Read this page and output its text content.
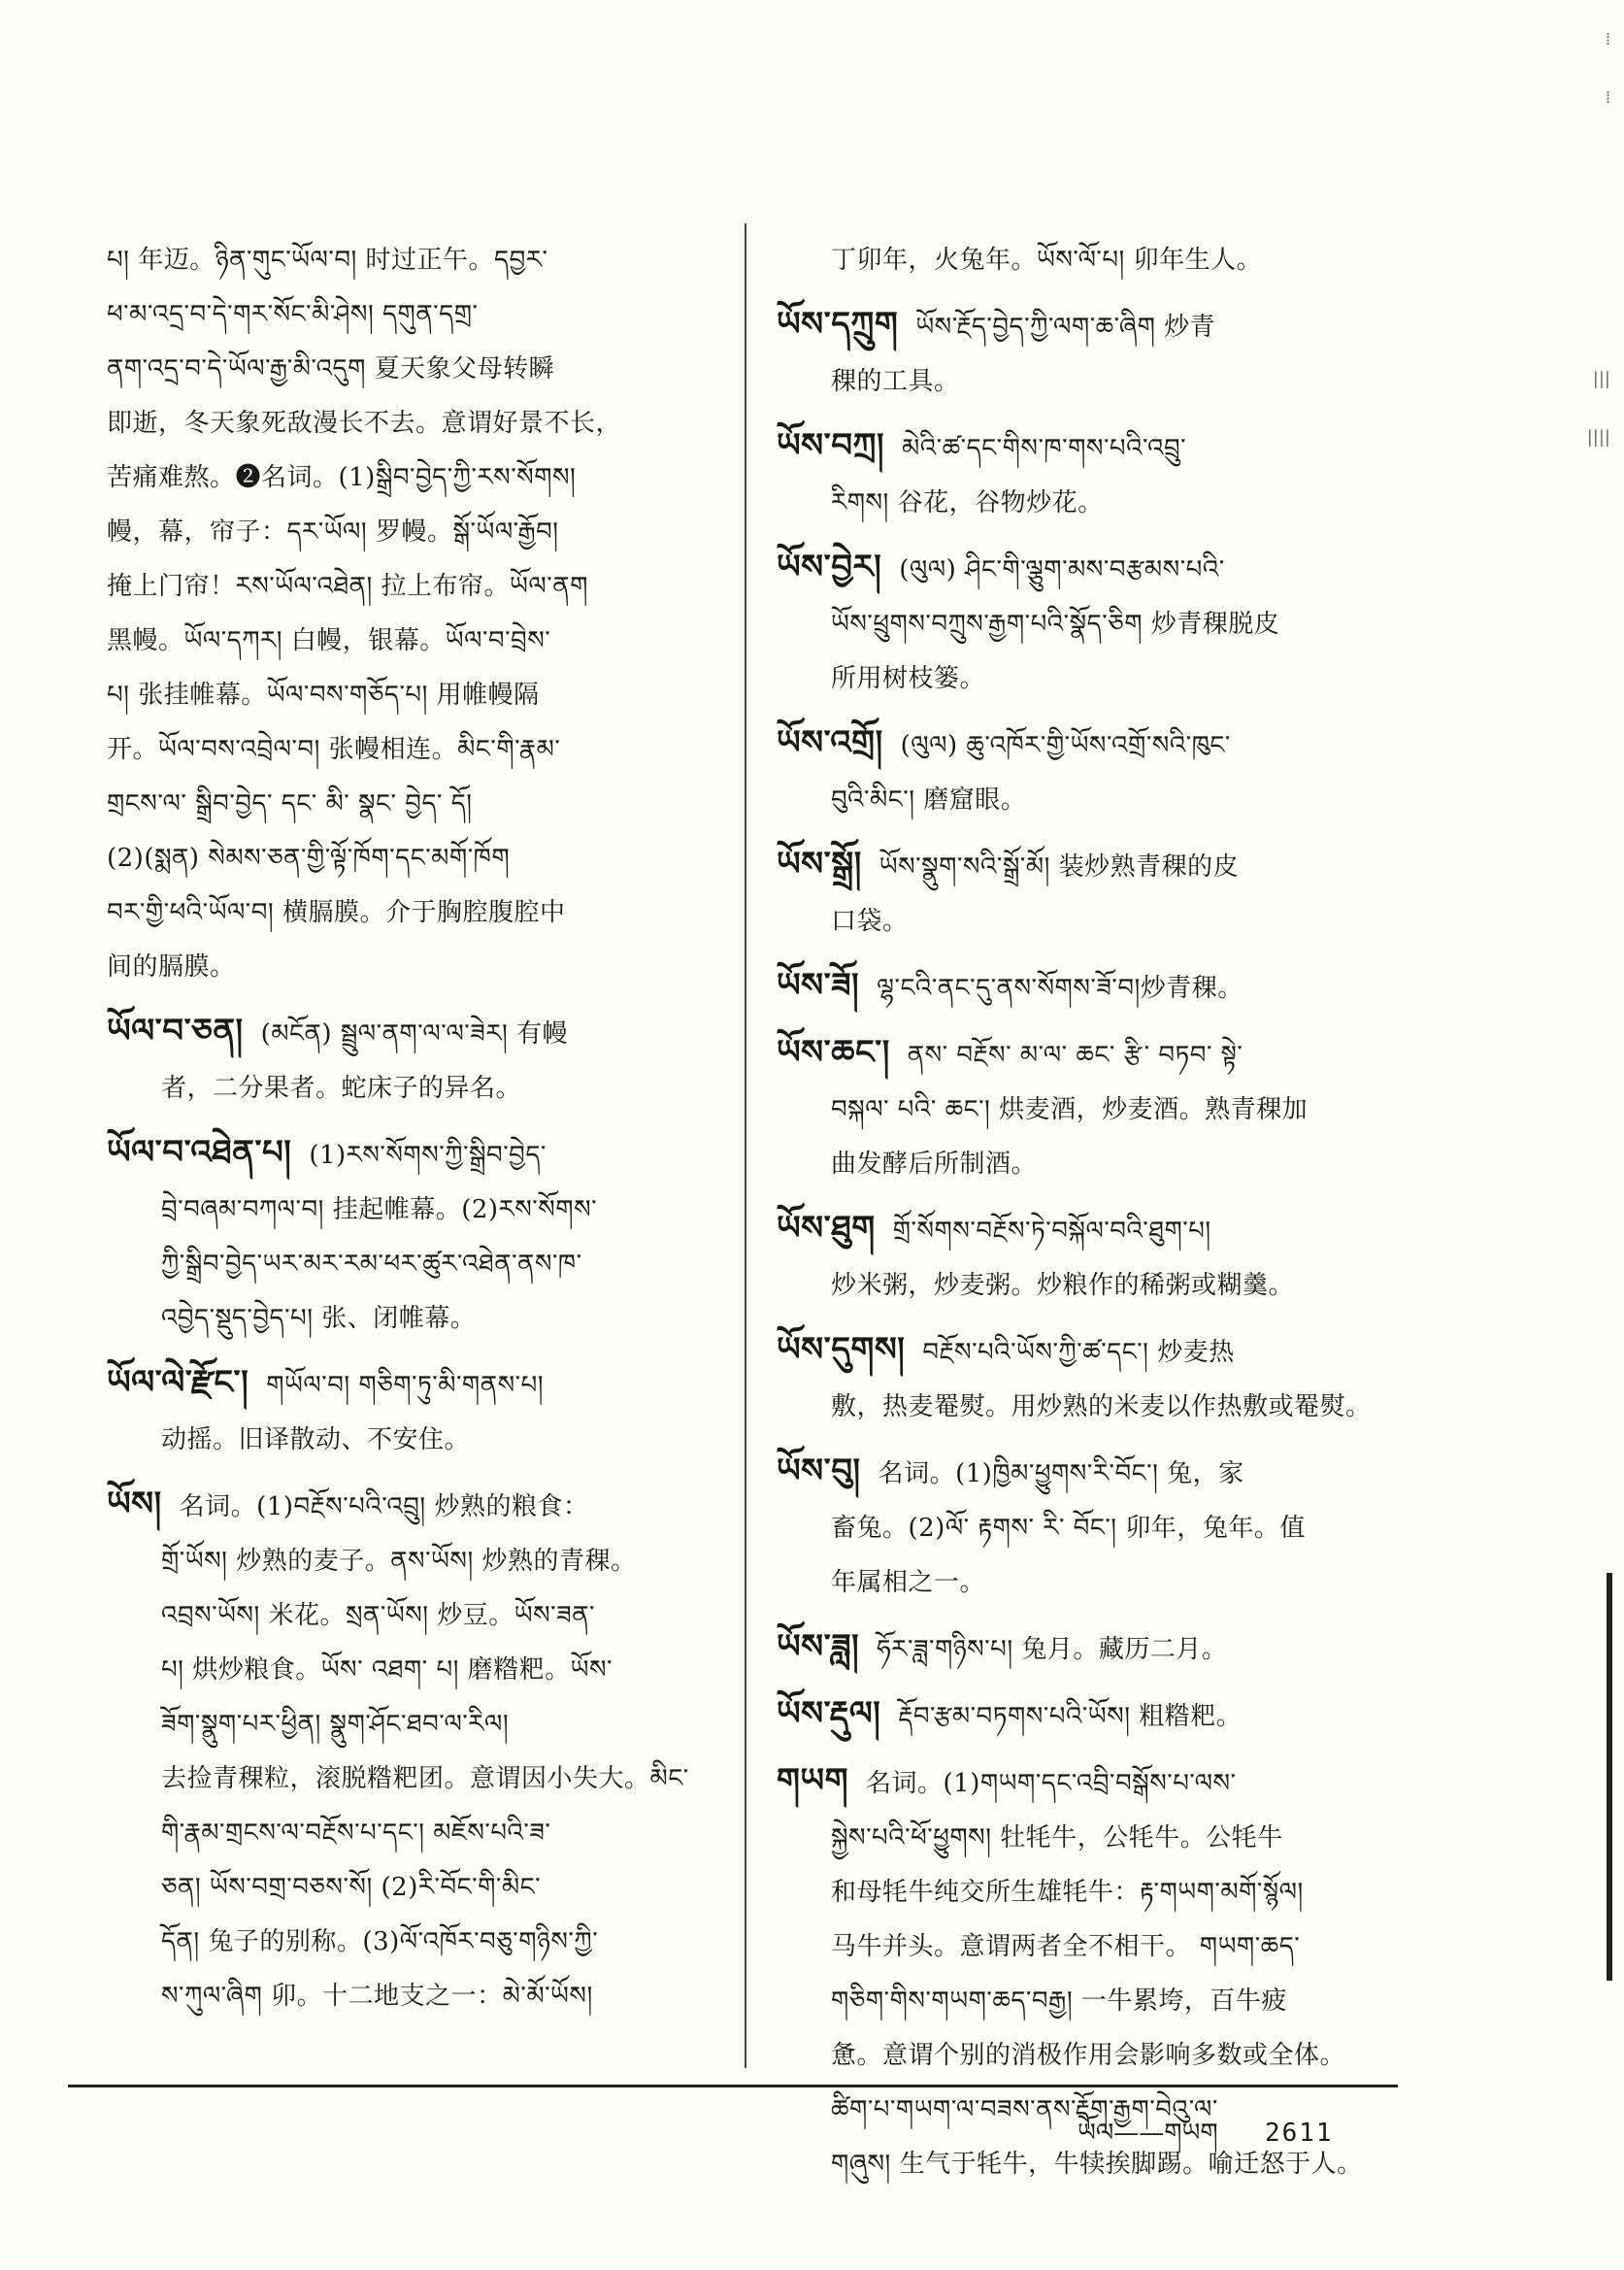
པ། 年迈。ཉིན་གུང་ཡོལ་བ། 时过正午。དབྱར་
ཕ་མ་འདྲ་བ་དེ་གར་སོང་མི་ཤེས། དགུན་དགྲ་
ནག་འདྲ་བ་དེ་ཡོལ་རྒྱ་མི་འདུག 夏天象父母转瞬
即逝，冬天象死敌漫长不去。意谓好景不长，
苦痛难熬。❷名词。(1)སྒྲིབ་བྱེད་ཀྱི་རས་སོགས།
幔，幕，帘子：དར་ཡོལ། 罗幔。སྒོ་ཡོལ་རྒྱོབ།
掩上门帘！རས་ཡོལ་འཐེན། 拉上布帘。ཡོལ་ནག
黑幔。ཡོལ་དཀར། 白幔，银幕。ཡོལ་བ་བྲེས་
པ། 张挂帷幕。ཡོལ་བས་གཅོད་པ། 用帷幔隔
开。ཡོལ་བས་འབྲེལ་བ། 张幔相连。མིང་གི་རྣམ་
གྲངས་ལ་ སྒྲིབ་བྱེད་ དང་ མི་ སྣང་ བྱེད་ དོ།
(2)(སྨན) སེམས་ཅན་གྱི་ལྟོ་ཁོག་དང་མགོ་ཁོག
བར་གྱི་ཕའི་ཡོལ་བ། 横膈膜。介于胸腔腹腔中
间的膈膜。
ཡོལ་བ་ཅན། (མངོན) སྦྲུལ་ནག་ལ་ལ་ཟེར། 有幔
者，二分果者。蛇床子的异名。
ཡོལ་བ་འཐེན་པ། (1)རས་སོགས་ཀྱི་སྒྲིབ་བྱེད་
བྲེ་བཞམ་བཀལ་བ། 挂起帷幕。(2)རས་སོགས་
ཀྱི་སྒྲིབ་བྱེད་ཡར་མར་རམ་ཕར་ཚུར་འཐེན་ནས་ཁ་
འབྱེད་སྡུད་བྱེད་པ། 张、闭帷幕。
ཡོལ་ལེ་རྫོང་། གཡོལ་བ། གཅིག་ཏུ་མི་གནས་པ།
动摇。旧译散动、不安住。
ཡོས། 名词。(1)བརྔོས་པའི་འབྲུ། 炒熟的粮食：
གྲོ་ཡོས། 炒熟的麦子。ནས་ཡོས། 炒熟的青稞。
འབྲས་ཡོས། 米花。སྲན་ཡོས། 炒豆。ཡོས་ཟན་
པ། 烘炒粮食。ཡོས་ འཐག་ པ། 磨糌粑。ཡོས་
ཟོག་སྣུག་པར་ཕྱིན། སྣུག་ཤོང་ཐབ་ལ་རིལ།
去捡青稞粒，滚脱糌粑团。意谓因小失大。མིང་
གི་རྣམ་གྲངས་ལ་བརྔོས་པ་དང་། མཇོས་པའི་ཟ་
ཅན། ཡོས་བགྲ་བཅས་སོ། (2)རི་བོང་གི་མིང་
དོན། 兔子的别称。(3)ལོ་འཁོར་བཅུ་གཉིས་ཀྱི་
ས་ཀུལ་ཞིག 卯。十二地支之一：མེ་མོ་ཡོས།
丁卯年，火兔年。ཡོས་ལོ་པ། 卯年生人。
ཡོས་དཀྲུག ཡོས་རྔོད་བྱེད་ཀྱི་ལག་ཆ་ཞིག 炒青
稞的工具。
ཡོས་བཀྲ། མེའི་ཚ་དང་གིས་ཁ་གས་པའི་འབྲུ་
རིགས། 谷花，谷物炒花。
ཡོས་བྱེར། (ལུལ) ཤིང་གི་ལྕུག་མས་བརྩམས་པའི་
ཡོས་ཕྲུགས་བཀྲུས་རྒྱག་པའི་སྣོད་ཅིག 炒青稞脱皮
所用树枝篓。
ཡོས་འགྲོ། (ལུལ) ཆུ་འཁོར་གྱི་ཡོས་འགྲོ་སའི་ཁུང་
བུའི་མིང་། 磨窟眼。
ཡོས་སྒྲོ། ཡོས་སྣུག་སའི་སྒྲོ་མོ། 装炒熟青稞的皮
口袋。
ཡོས་ཟོ། ལྷ་ངའི་ནང་དུ་ནས་སོགས་ཟོ་བ།炒青稞。
ཡོས་ཆང་། ནས་ བརྔོས་ མ་ལ་ ཆང་ རྩི་ བཏབ་ སྟེ་
བསྐལ་ པའི་ ཆང་། 烘麦酒，炒麦酒。熟青稞加
曲发酵后所制酒。
ཡོས་ཐུག གྲོ་སོགས་བརྔོས་ཏེ་བསྐོལ་བའི་ཐུག་པ།
炒米粥，炒麦粥。炒粮作的稀粥或糊羹。
ཡོས་དུགས། བརྔོས་པའི་ཡོས་ཀྱི་ཚ་དང་། 炒麦热
敷，热麦罨熨。用炒熟的米麦以作热敷或罨熨。
ཡོས་བུ། 名词。(1)ཁྱིམ་ཕྱུགས་རི་བོང་། 兔，家
畜兔。(2)ལོ་ རྟགས་ རི་ བོང་། 卯年，兔年。值
年属相之一。
ཡོས་ཟླ། ཧོར་ཟླ་གཉིས་པ། 兔月。藏历二月。
ཡོས་རྡུལ། རྡོབ་རྩམ་བཏགས་པའི་ཡོས། 粗糌粑。
གཡག 名词。(1)གཡག་དང་འབྲི་བསྒོས་པ་ལས་
སྐྱེས་པའི་ཕོ་ཕྱུགས། 牡牦牛，公牦牛。公牦牛
和母牦牛纯交所生雄牦牛：རྟ་གཡག་མགོ་སྙོལ།
马牛并头。意谓两者全不相干。 གཡག་ཆད་
གཅིག་གིས་གཡག་ཆད་བརྒྱ། 一牛累垮，百牛疲
惫。意谓个别的消极作用会影响多数或全体。
ཚིག་པ་གཡག་ལ་བཟས་ནས་རྡོག་རྒྱག་བེའུ་ལ་
གཞུས། 生气于牦牛，牛犊挨脚踢。喻迁怒于人。
ཡོལ——གཡག 2611
⁞
⁞
|||
||||
